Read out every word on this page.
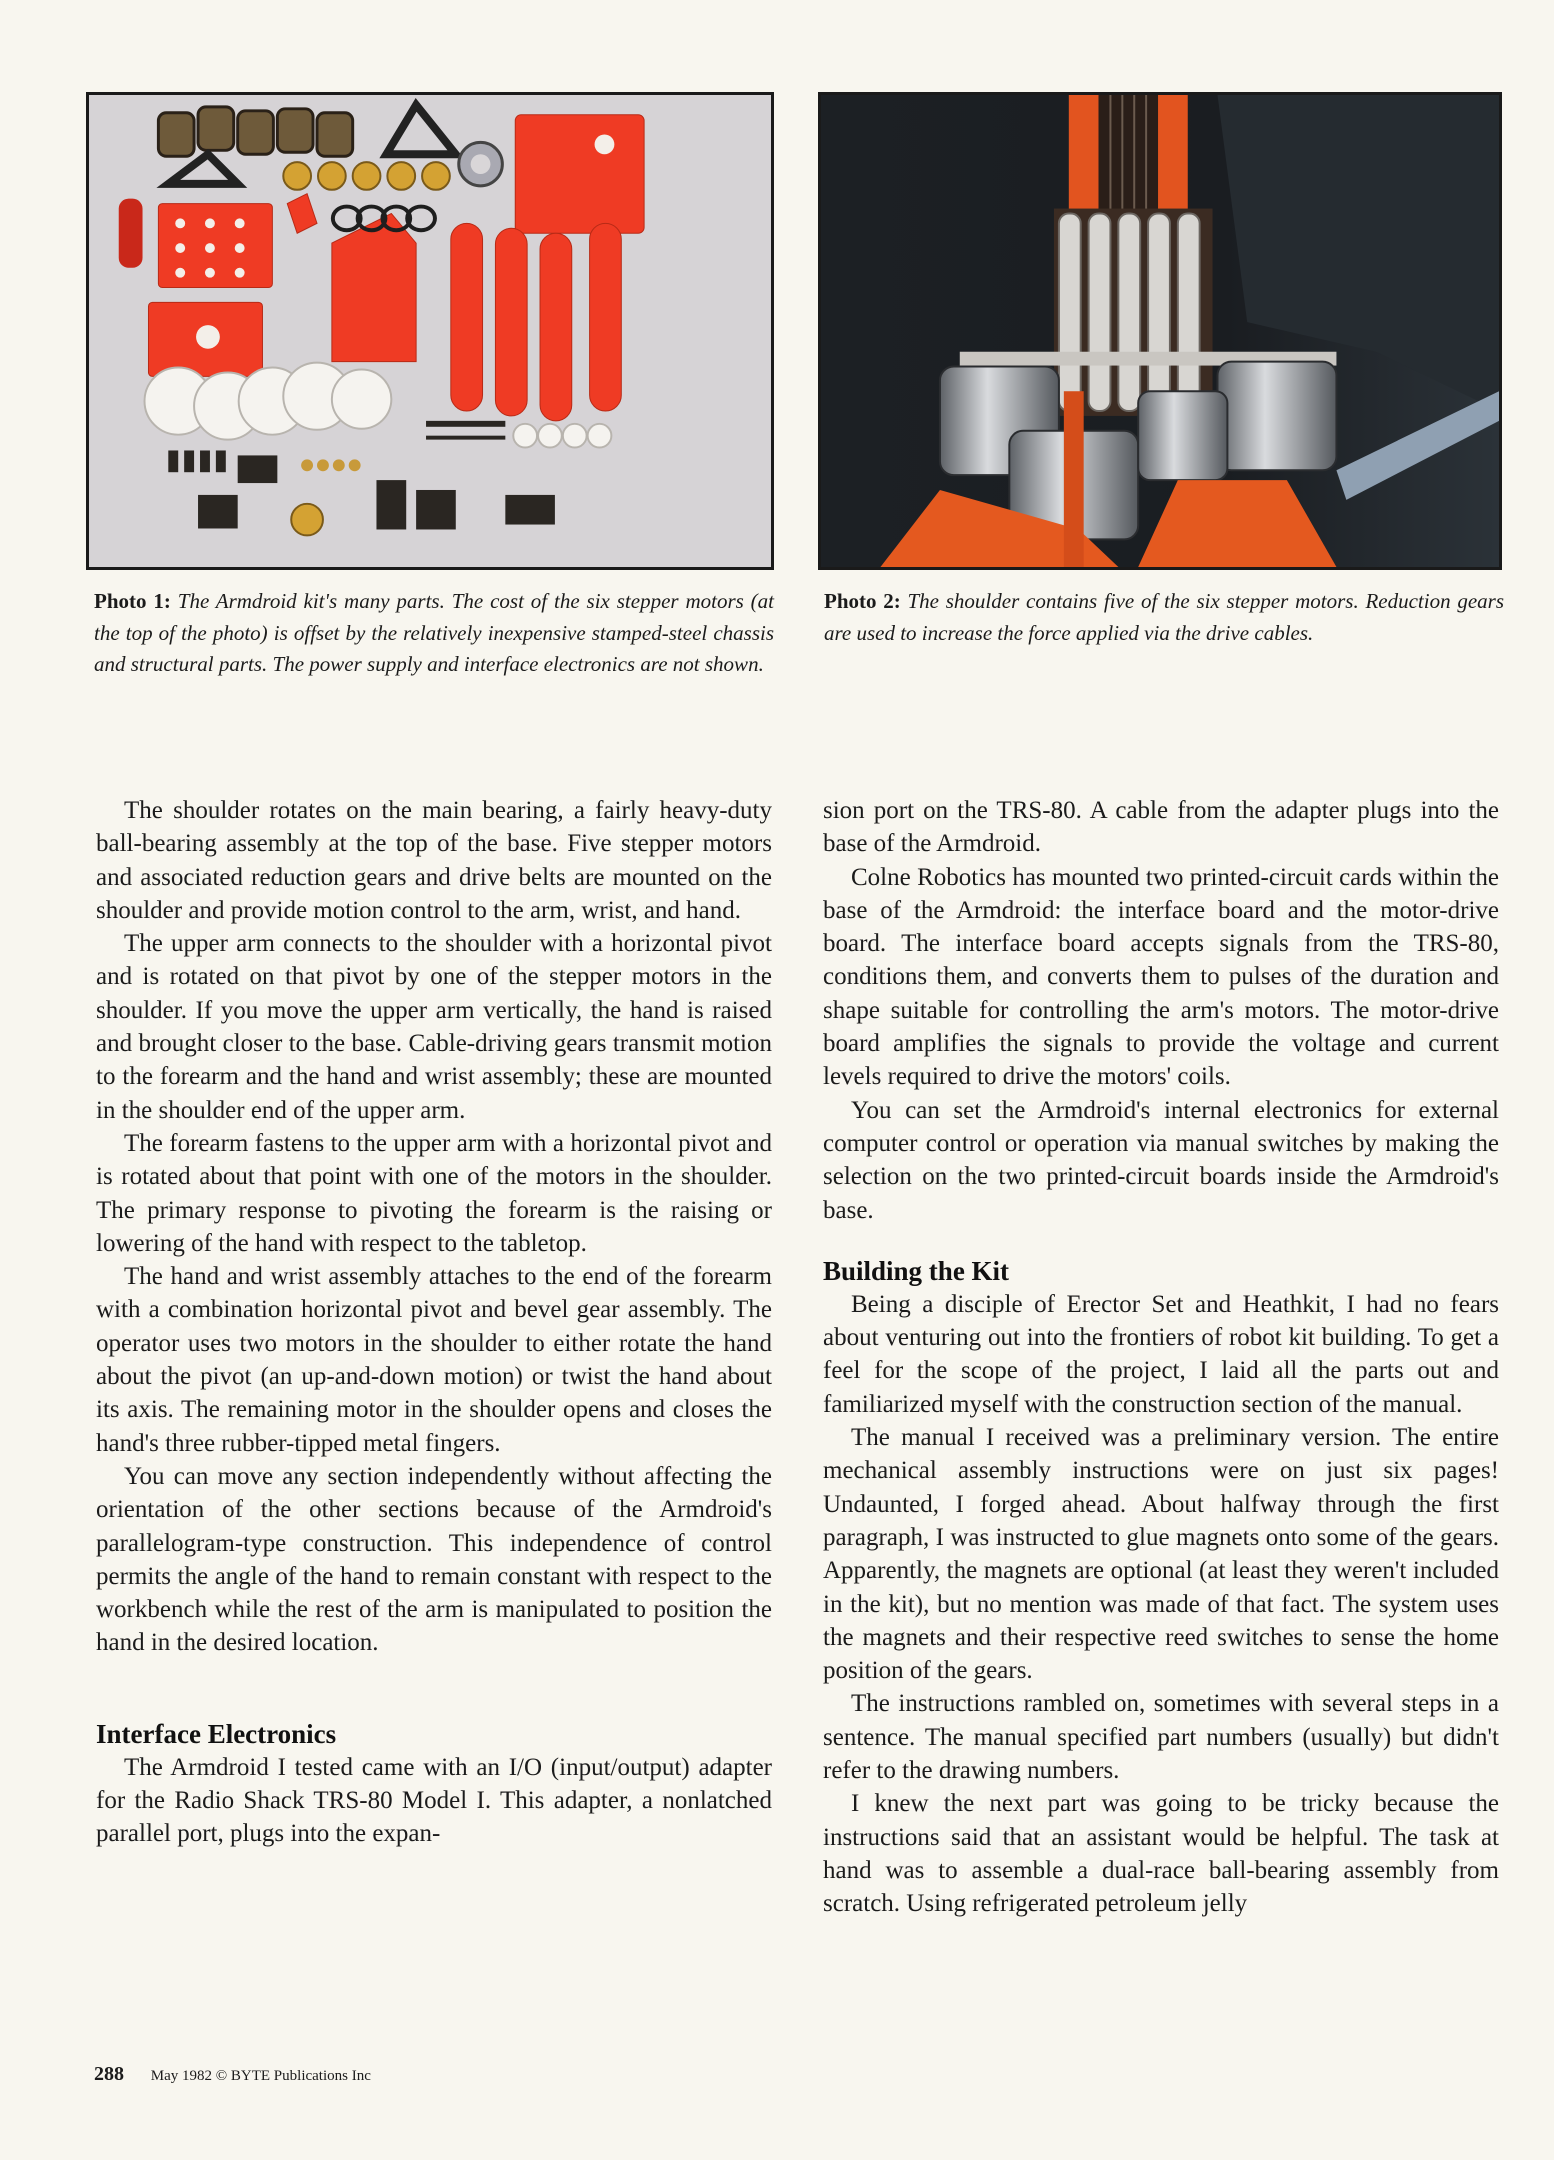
Photo 1: The Armdroid kit's many parts. The cost of the six stepper motors (at the top of the photo) is offset by the relatively inexpensive stamped-steel chassis and structural parts. The power supply and interface electronics are not shown.

Photo 2: The shoulder contains five of the six stepper motors. Reduction gears are used to increase the force applied via the drive cables.

The shoulder rotates on the main bearing, a fairly heavy-duty ball-bearing assembly at the top of the base. Five stepper motors and associated reduction gears and drive belts are mounted on the shoulder and provide motion control to the arm, wrist, and hand.

The upper arm connects to the shoulder with a horizontal pivot and is rotated on that pivot by one of the stepper motors in the shoulder. If you move the upper arm vertically, the hand is raised and brought closer to the base. Cable-driving gears transmit motion to the forearm and the hand and wrist assembly; these are mounted in the shoulder end of the upper arm.

The forearm fastens to the upper arm with a horizontal pivot and is rotated about that point with one of the motors in the shoulder. The primary response to pivoting the forearm is the raising or lowering of the hand with respect to the tabletop.

The hand and wrist assembly attaches to the end of the forearm with a combination horizontal pivot and bevel gear assembly. The operator uses two motors in the shoulder to either rotate the hand about the pivot (an up-and-down motion) or twist the hand about its axis. The remaining motor in the shoulder opens and closes the hand's three rubber-tipped metal fingers.

You can move any section independently without affecting the orientation of the other sections because of the Armdroid's parallelogram-type construction. This independence of control permits the angle of the hand to remain constant with respect to the workbench while the rest of the arm is manipulated to position the hand in the desired location.

Interface Electronics

The Armdroid I tested came with an I/O (input/output) adapter for the Radio Shack TRS-80 Model I. This adapter, a nonlatched parallel port, plugs into the expan-

sion port on the TRS-80. A cable from the adapter plugs into the base of the Armdroid.

Colne Robotics has mounted two printed-circuit cards within the base of the Armdroid: the interface board and the motor-drive board. The interface board accepts signals from the TRS-80, conditions them, and converts them to pulses of the duration and shape suitable for controlling the arm's motors. The motor-drive board amplifies the signals to provide the voltage and current levels required to drive the motors' coils.

You can set the Armdroid's internal electronics for external computer control or operation via manual switches by making the selection on the two printed-circuit boards inside the Armdroid's base.

Building the Kit

Being a disciple of Erector Set and Heathkit, I had no fears about venturing out into the frontiers of robot kit building. To get a feel for the scope of the project, I laid all the parts out and familiarized myself with the construction section of the manual.

The manual I received was a preliminary version. The entire mechanical assembly instructions were on just six pages! Undaunted, I forged ahead. About halfway through the first paragraph, I was instructed to glue magnets onto some of the gears. Apparently, the magnets are optional (at least they weren't included in the kit), but no mention was made of that fact. The system uses the magnets and their respective reed switches to sense the home position of the gears.

The instructions rambled on, sometimes with several steps in a sentence. The manual specified part numbers (usually) but didn't refer to the drawing numbers.

I knew the next part was going to be tricky because the instructions said that an assistant would be helpful. The task at hand was to assemble a dual-race ball-bearing assembly from scratch. Using refrigerated petroleum jelly

288 May 1982 © BYTE Publications Inc
